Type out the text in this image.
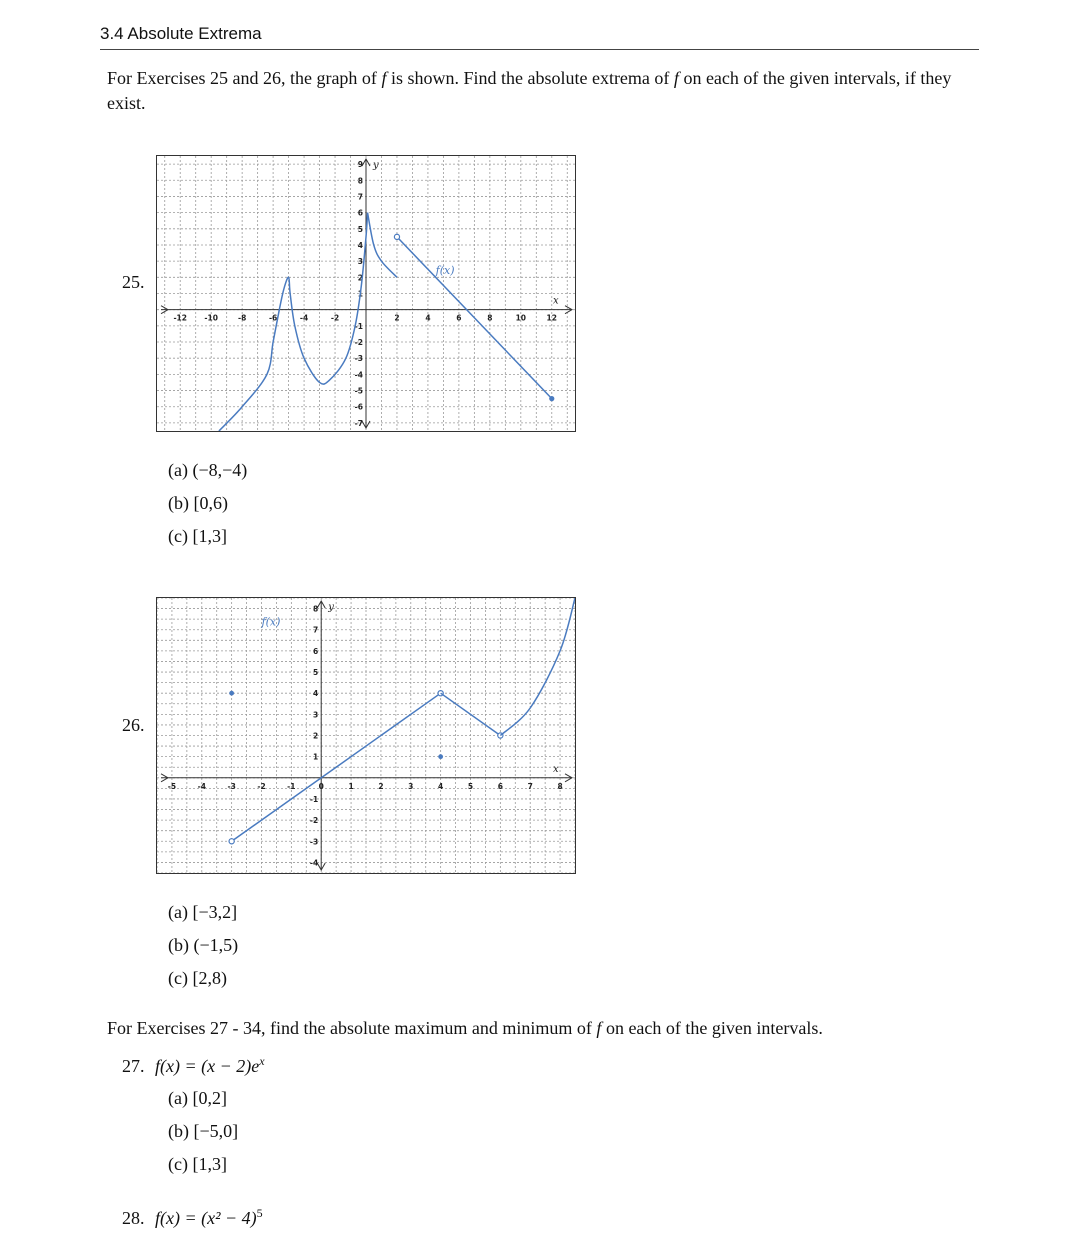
3.4 Absolute Extrema
For Exercises 25 and 26, the graph of f is shown. Find the absolute extrema of f on each of the given intervals, if they exist.
25.
-12 -10	-8	-6	-4	-2	2	4	6	8	10	12
-7
-6
-5
-4
-3
-2
-1
1
2
3
4
5
6
7
8
9
x
y
f(x)
(a) (−8,−4)
(b) [0,6)
(c) [1,3]
26.
-5	-4	-3	-2	-1	0	1	2	3	4	5	6	7	8
-4
-3
-2
-1
1
2
3
4
5
6
7
8
x
y
f(x)
(a) [−3,2]
(b) (−1,5)
(c) [2,8)
For Exercises 27 - 34, find the absolute maximum and minimum of f on each of the given intervals.
27. $f(x) = (x - 2)e^x$
(a) [0,2]
(b) [−5,0]
(c) [1,3]
28. $f(x) = (x^2 - 4)^5$
